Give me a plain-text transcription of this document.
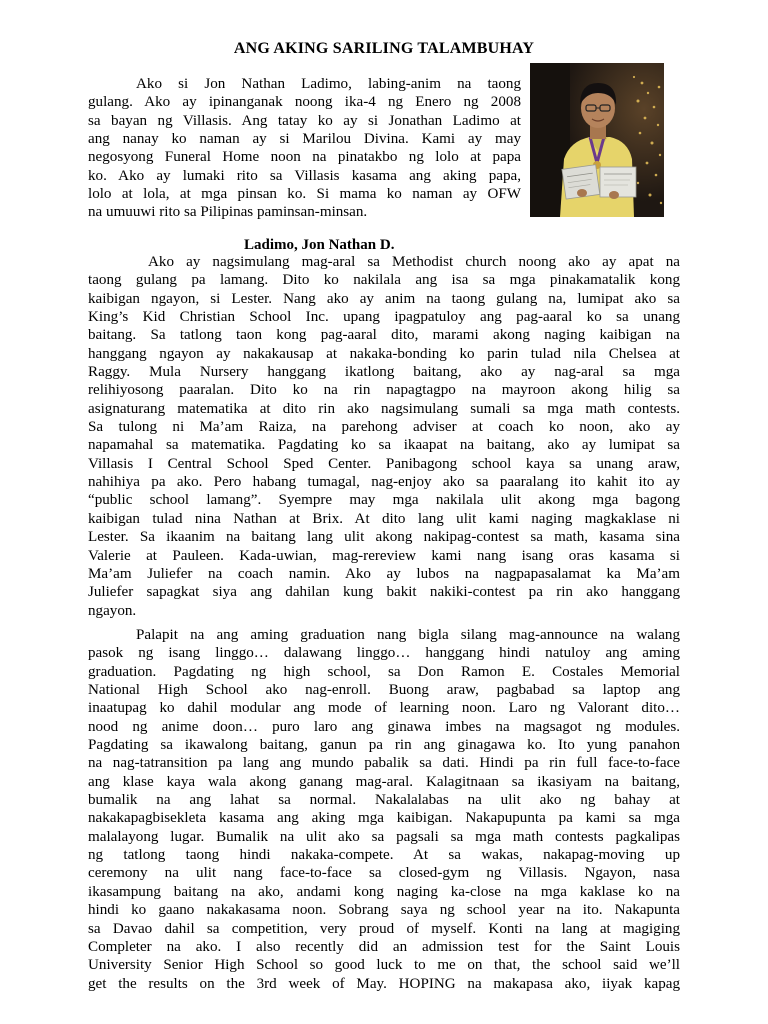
ANG AKING SARILING TALAMBUHAY
Ako si Jon Nathan Ladimo, labing-anim na taong
gulang. Ako ay ipinanganak noong ika-4 ng Enero ng 2008
sa bayan ng Villasis. Ang tatay ko ay si Jonathan Ladimo at
ang nanay ko naman ay si Marilou Divina. Kami ay may
negosyong Funeral Home noon na pinatakbo ng lolo at papa
ko. Ako ay lumaki rito sa Villasis kasama ang aking papa,
lolo at lola, at mga pinsan ko. Si mama ko naman ay OFW
na umuuwi rito sa Pilipinas paminsan-minsan.
Ladimo, Jon Nathan D.
Ako ay nagsimulang mag-aral sa Methodist church noong ako ay apat na
taong gulang pa lamang. Dito ko nakilala ang isa sa mga pinakamatalik kong
kaibigan ngayon, si Lester. Nang ako ay anim na taong gulang na, lumipat ako sa
King’s Kid Christian School Inc. upang ipagpatuloy ang pag-aaral ko sa unang
baitang. Sa tatlong taon kong pag-aaral dito, marami akong naging kaibigan na
hanggang ngayon ay nakakausap at nakaka-bonding ko parin tulad nila Chelsea at
Raggy. Mula Nursery hanggang ikatlong baitang, ako ay nag-aral sa mga
relihiyosong paaralan. Dito ko na rin napagtagpo na mayroon akong hilig sa
asignaturang matematika at dito rin ako nagsimulang sumali sa mga math contests.
Sa tulong ni Ma’am Raiza, na parehong adviser at coach ko noon, ako ay
napamahal sa matematika. Pagdating ko sa ikaapat na baitang, ako ay lumipat sa
Villasis I Central School Sped Center. Panibagong school kaya sa unang araw,
nahihiya pa ako. Pero habang tumagal, nag-enjoy ako sa paaralang ito kahit ito ay
“public school lamang”. Syempre may mga nakilala ulit akong mga bagong
kaibigan tulad nina Nathan at Brix. At dito lang ulit kami naging magkaklase ni
Lester. Sa ikaanim na baitang lang ulit akong nakipag-contest sa math, kasama sina
Valerie at Pauleen. Kada-uwian, mag-rereview kami nang isang oras kasama si
Ma’am Juliefer na coach namin. Ako ay lubos na nagpapasalamat ka Ma’am
Juliefer sapagkat siya ang dahilan kung bakit nakiki-contest pa rin ako hanggang
ngayon.
Palapit na ang aming graduation nang bigla silang mag-announce na walang
pasok ng isang linggo… dalawang linggo… hanggang hindi natuloy ang aming
graduation. Pagdating ng high school, sa Don Ramon E. Costales Memorial
National High School ako nag-enroll. Buong araw, pagbabad sa laptop ang
inaatupag ko dahil modular ang mode of learning noon. Laro ng Valorant dito…
nood ng anime doon… puro laro ang ginawa imbes na magsagot ng modules.
Pagdating sa ikawalong baitang, ganun pa rin ang ginagawa ko. Ito yung panahon
na nag-tatransition pa lang ang mundo pabalik sa dati. Hindi pa rin full face-to-face
ang klase kaya wala akong ganang mag-aral. Kalagitnaan sa ikasiyam na baitang,
bumalik na ang lahat sa normal. Nakalalabas na ulit ako ng bahay at
nakakapagbisekleta kasama ang aking mga kaibigan. Nakapupunta pa kami sa mga
malalayong lugar. Bumalik na ulit ako sa pagsali sa mga math contests pagkalipas
ng tatlong taong hindi nakaka-compete. At sa wakas, nakapag-moving up
ceremony na ulit nang face-to-face sa closed-gym ng Villasis. Ngayon, nasa
ikasampung baitang na ako, andami kong naging ka-close na mga kaklase ko na
hindi ko gaano nakakasama noon. Sobrang saya ng school year na ito. Nakapunta
sa Davao dahil sa competition, very proud of myself. Konti na lang at magiging
Completer na ako. I also recently did an admission test for the Saint Louis
University Senior High School so good luck to me on that, the school said we’ll
get the results on the 3rd week of May. HOPING na makapasa ako, iiyak kapag
